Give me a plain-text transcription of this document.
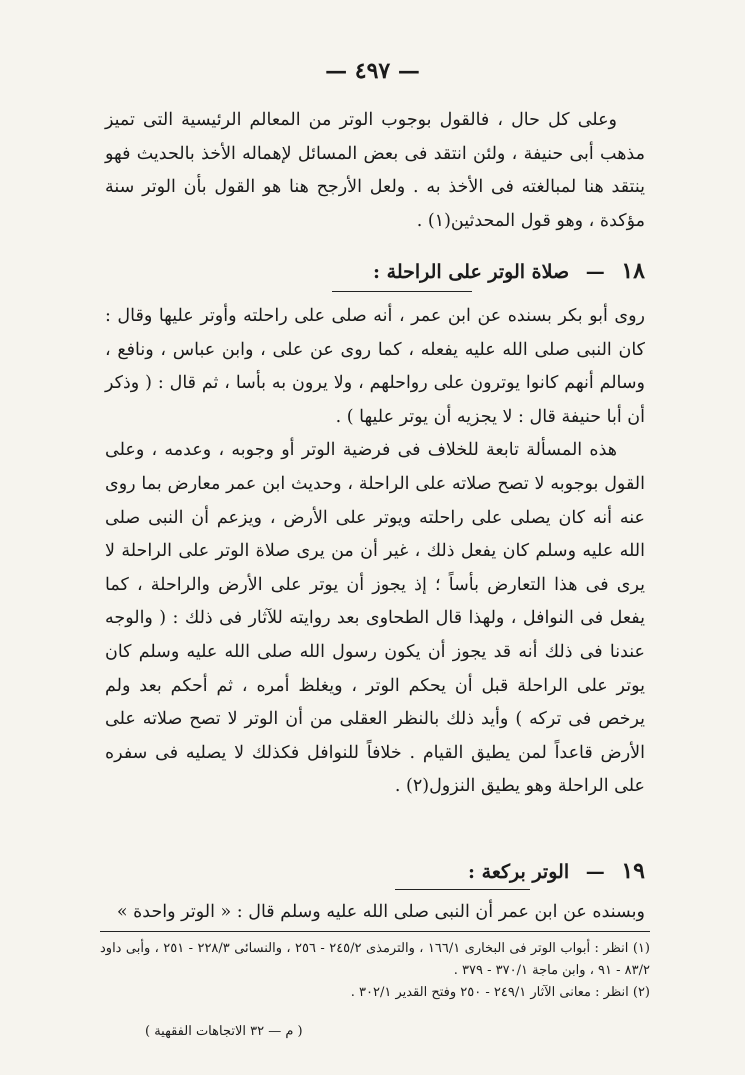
— ٤٩٧ —

وعلى كل حال ، فالقول بوجوب الوتر من المعالم الرئيسية التى تميز مذهب أبى حنيفة ، ولئن انتقد فى بعض المسائل لإهماله الأخذ بالحديث فهو ينتقد هنا لمبالغته فى الأخذ به . ولعل الأرجح هنا هو القول بأن الوتر سنة مؤكدة ، وهو قول المحدثين(١) .

١٨ — صلاة الوتر على الراحلة :

روى أبو بكر بسنده عن ابن عمر ، أنه صلى على راحلته وأوتر عليها وقال : كان النبى صلى الله عليه يفعله ، كما روى عن على ، وابن عباس ، ونافع ، وسالم أنهم كانوا يوترون على رواحلهم ، ولا يرون به بأسا ، ثم قال : ( وذكر أن أبا حنيفة قال : لا يجزيه أن يوتر عليها ) .

هذه المسألة تابعة للخلاف فى فرضية الوتر أو وجوبه ، وعدمه ، وعلى القول بوجوبه لا تصح صلاته على الراحلة ، وحديث ابن عمر معارض بما روى عنه أنه كان يصلى على راحلته ويوتر على الأرض ، ويزعم أن النبى صلى الله عليه وسلم كان يفعل ذلك ، غير أن من يرى صلاة الوتر على الراحلة لا يرى فى هذا التعارض بأساً ؛ إذ يجوز أن يوتر على الأرض والراحلة ، كما يفعل فى النوافل ، ولهذا قال الطحاوى بعد روايته للآثار فى ذلك : ( والوجه عندنا فى ذلك أنه قد يجوز أن يكون رسول الله صلى الله عليه وسلم كان يوتر على الراحلة قبل أن يحكم الوتر ، ويغلظ أمره ، ثم أحكم بعد ولم يرخص فى تركه ) وأيد ذلك بالنظر العقلى من أن الوتر لا تصح صلاته على الأرض قاعداً لمن يطيق القيام . خلافاً للنوافل فكذلك لا يصليه فى سفره على الراحلة وهو يطيق النزول(٢) .

١٩ — الوتر بركعة :
وبسنده عن ابن عمر أن النبى صلى الله عليه وسلم قال : « الوتر واحدة »

(١) انظر : أبواب الوتر فى البخارى ١٦٦/١ ، والترمذى ٢٤٥/٢ - ٢٥٦ ، والنسائى ٢٢٨/٣ - ٢٥١ ، وأبى داود ٨٣/٢ - ٩١ ، وابن ماجة ٣٧٠/١ - ٣٧٩ .

(٢) انظر : معانى الآثار ٢٤٩/١ - ٢٥٠ وفتح القدير ٣٠٢/١ .

( م — ٣٢ الاتجاهات الفقهية )
